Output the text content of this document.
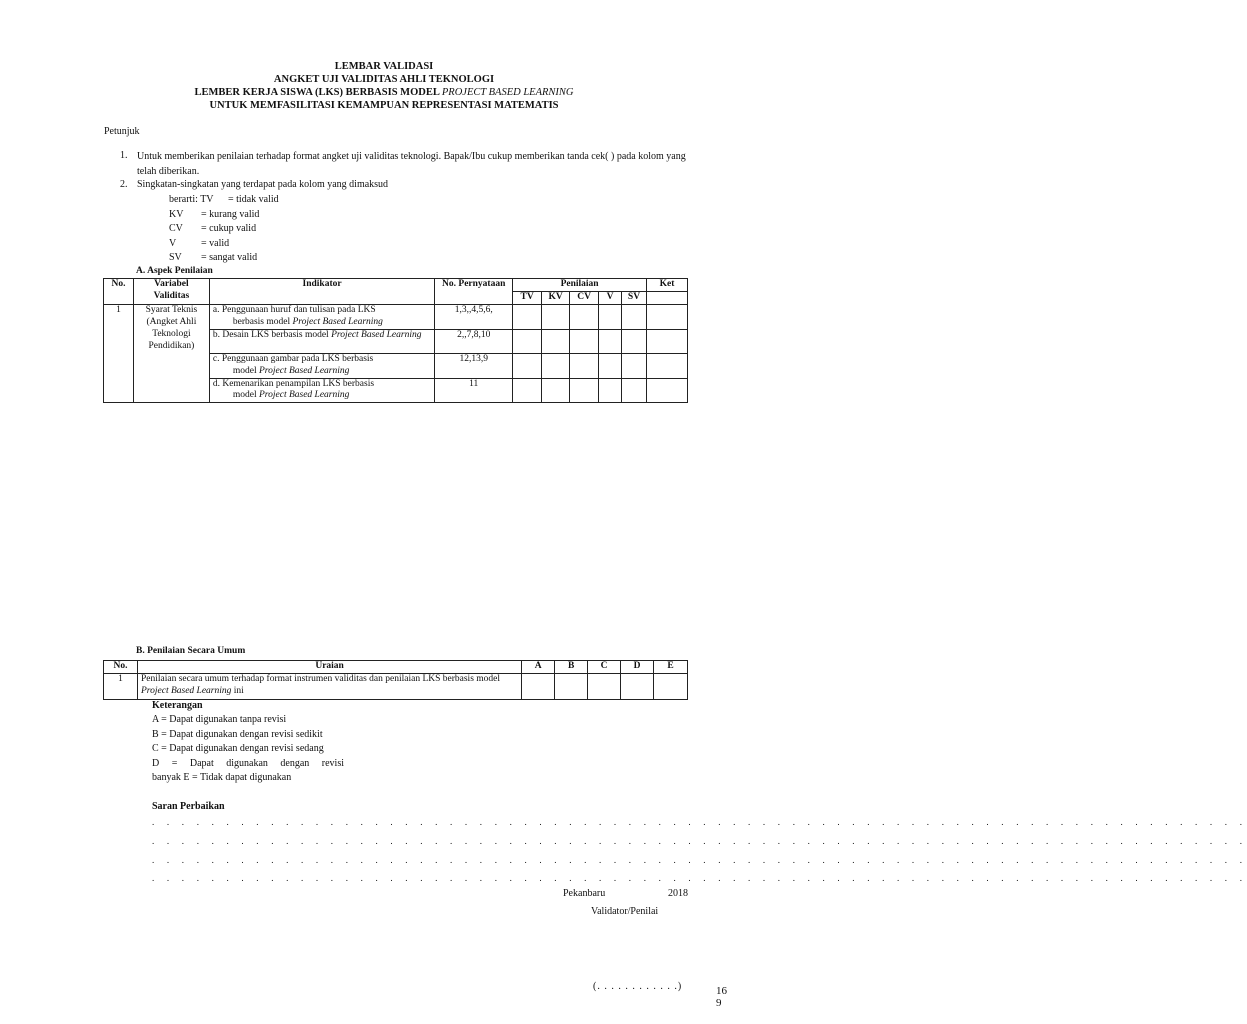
LEMBAR VALIDASI
ANGKET UJI VALIDITAS AHLI TEKNOLOGI
LEMBER KERJA SISWA (LKS) BERBASIS MODEL PROJECT BASED LEARNING
UNTUK MEMFASILITASI KEMAMPUAN REPRESENTASI MATEMATIS
Petunjuk
1. Untuk memberikan penilaian terhadap format angket uji validitas teknologi. Bapak/Ibu cukup memberikan tanda cek( ) pada kolom yang telah diberikan.
2. Singkatan-singkatan yang terdapat pada kolom yang dimaksud
berarti: TV = tidak valid
KV	= kurang valid
CV	= cukup valid
V	= valid
SV	= sangat valid
A. Aspek Penilaian
No.	Variabel Validitas	Indikator	No. Pernyataan	Penilaian					Ket
				TV	KV	CV	V	SV	
1	Syarat Teknis (Angket Ahli Teknologi Pendidikan)	a. Penggunaan huruf dan tulisan pada LKS
berbasis model Project Based Learning	1,3,,4,5,6,						
		b. Desain LKS berbasis model Project Based Learning	2,,7,8,10						
		c. Penggunaan gambar pada LKS berbasis
model Project Based Learning	12,13,9						
		d. Kemenarikan penampilan LKS berbasis
model Project Based Learning	11						
B. Penilaian Secara Umum
No.	Uraian	A	B	C	D	E
1	Penilaian secara umum terhadap format instrumen validitas dan penilaian LKS berbasis model Project Based Learning ini					
Keterangan
A = Dapat digunakan tanpa revisi
B = Dapat digunakan dengan revisi sedikit
C = Dapat digunakan dengan revisi sedang
D = Dapat digunakan dengan revisi
banyak E = Tidak dapat digunakan
Saran Perbaikan
. . . . . . . . . . . . . . . . . . . . . . . . . . . . . . . . . . . . . . . . . . . . . . . . . . . . . . . . . . . . . . . . . . . . . . . . . .
. . . . . . . . . . . . . . . . . . . . . . . . . . . . . . . . . . . . . . . . . . . . . . . . . . . . . . . . . . . . . . . . . . . . . . . . . .
. . . . . . . . . . . . . . . . . . . . . . . . . . . . . . . . . . . . . . . . . . . . . . . . . . . . . . . . . . . . . . . . . . . . . . . . . .
. . . . . . . . . . . . . . . . . . . . . . . . . . . . . . . . . . . . . . . . . . . . . . . . . . . . . . . . . . . . . . . . . . . . . . . . . .
Pekanbaru	2018
Validator/Penilai
(. . . . . . . . . . . .)	16
9
